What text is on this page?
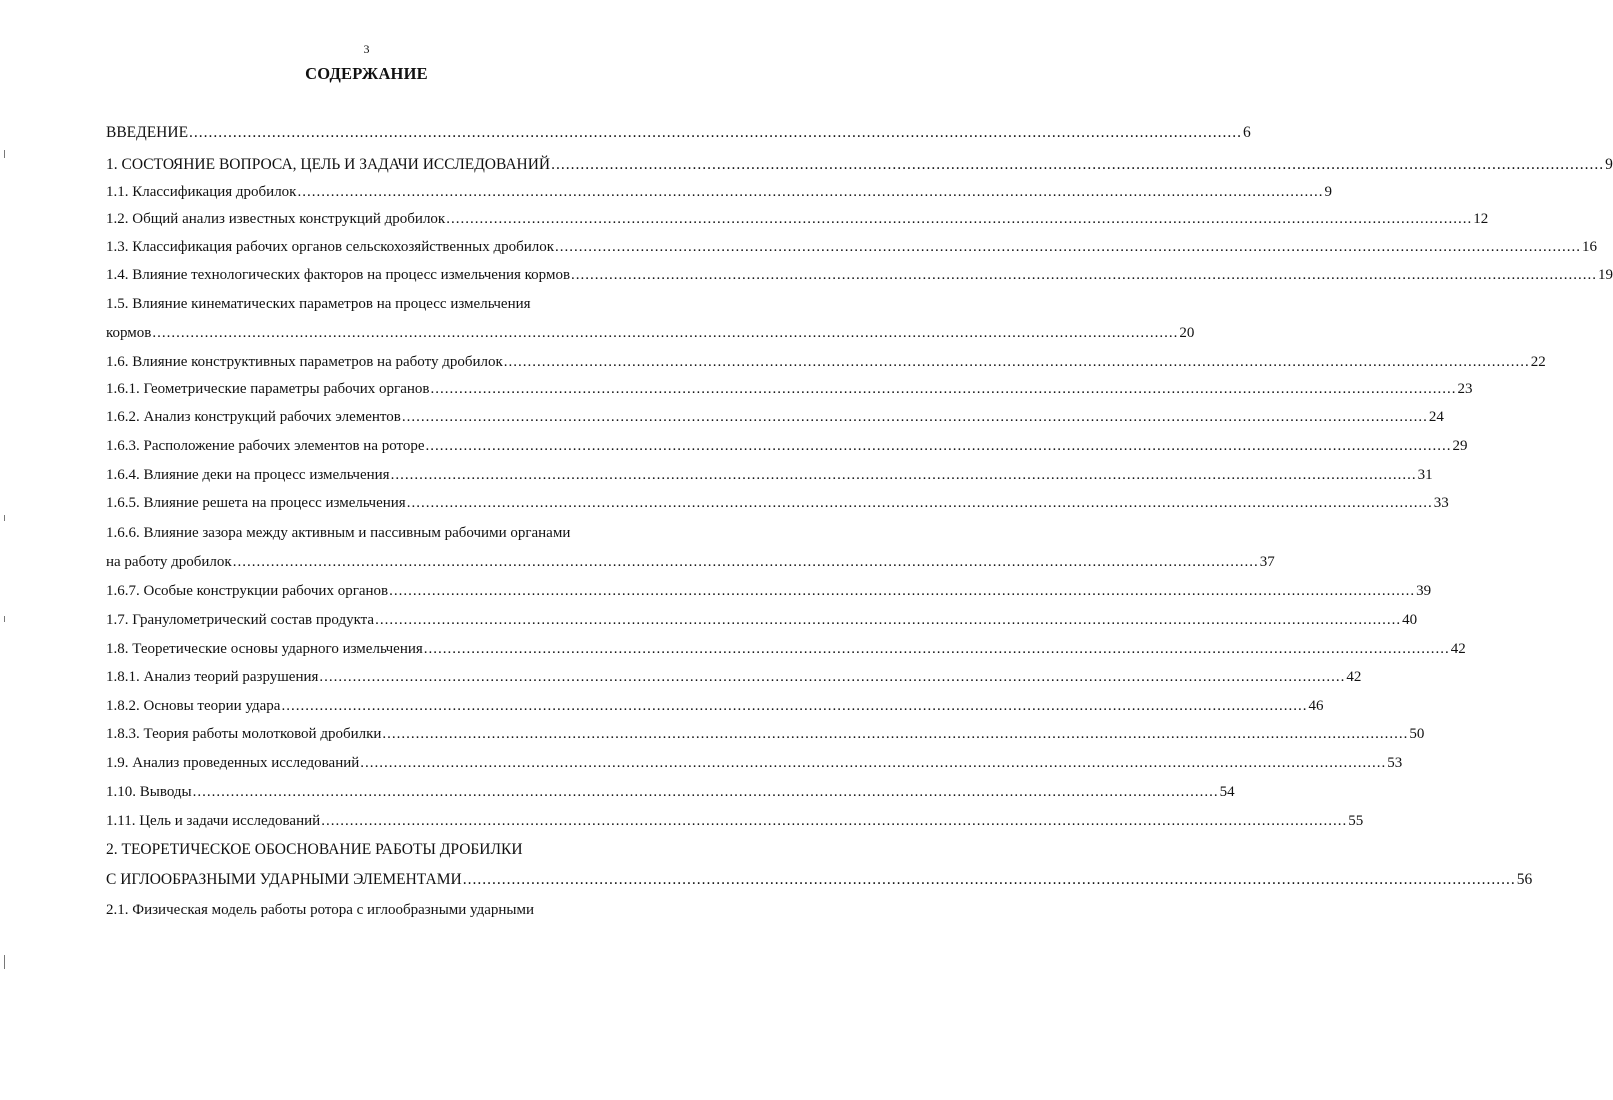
3
СОДЕРЖАНИЕ
ВВЕДЕНИЕ .....	6
1. СОСТОЯНИЕ ВОПРОСА, ЦЕЛЬ И ЗАДАЧИ ИССЛЕДОВАНИЙ .....	9
1.1. Классификация дробилок .....	9
1.2. Общий анализ известных конструкций дробилок .....	12
1.3. Классификация рабочих органов сельскохозяйственных дробилок .....	16
1.4. Влияние технологических факторов на процесс измельчения кормов .....	19
1.5. Влияние кинематических параметров на процесс измельчения
кормов .....	20
1.6. Влияние конструктивных параметров на работу дробилок .....	22
1.6.1. Геометрические параметры рабочих органов .....	23
1.6.2. Анализ конструкций рабочих элементов .....	24
1.6.3. Расположение рабочих элементов на роторе .....	29
1.6.4. Влияние деки на процесс измельчения .....	31
1.6.5. Влияние решета на процесс измельчения .....	33
1.6.6. Влияние зазора между активным и пассивным рабочими органами
на работу дробилок .....	37
1.6.7. Особые конструкции рабочих органов .....	39
1.7. Гранулометрический состав продукта .....	40
1.8. Теоретические основы ударного измельчения .....	42
1.8.1. Анализ теорий разрушения .....	42
1.8.2. Основы теории удара .....	46
1.8.3. Теория работы молотковой дробилки .....	50
1.9. Анализ проведенных исследований .....	53
1.10. Выводы .....	54
1.11. Цель и задачи исследований .....	55
2. ТЕОРЕТИЧЕСКОЕ ОБОСНОВАНИЕ РАБОТЫ ДРОБИЛКИ
С ИГЛООБРАЗНЫМИ УДАРНЫМИ ЭЛЕМЕНТАМИ .....	56
2.1. Физическая модель работы ротора с иглообразными ударными
